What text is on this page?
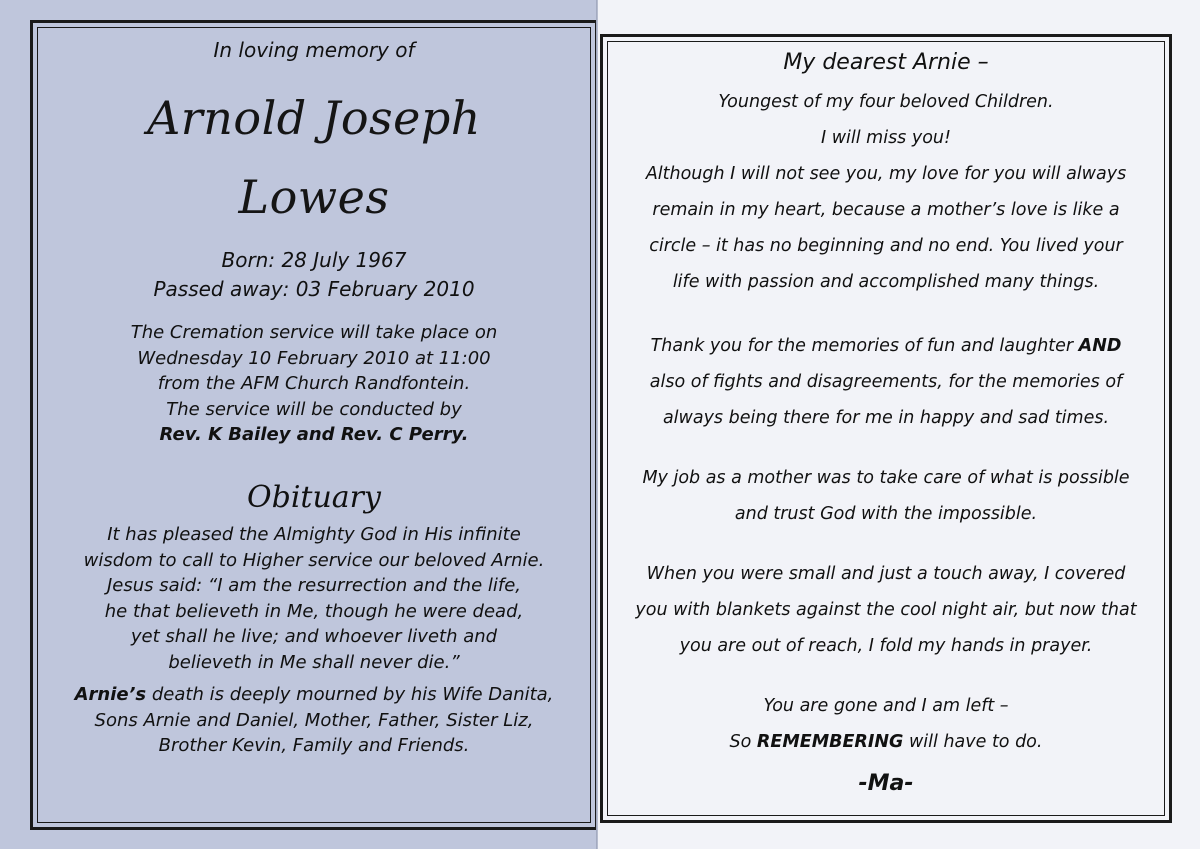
In loving memory of
Arnold Joseph
Lowes
Born: 28 July 1967
Passed away: 03 February 2010
The Cremation service will take place on
Wednesday 10 February 2010 at 11:00
from the AFM Church Randfontein.
The service will be conducted by
Rev. K Bailey and Rev. C Perry.
Obituary
It has pleased the Almighty God in His infinite
wisdom to call to Higher service our beloved Arnie.
Jesus said: “I am the resurrection and the life,
he that believeth in Me, though he were dead,
yet shall he live; and whoever liveth and
believeth in Me shall never die.”
Arnie’s death is deeply mourned by his Wife Danita,
Sons Arnie and Daniel, Mother, Father, Sister Liz,
Brother Kevin, Family and Friends.
My dearest Arnie –
Youngest of my four beloved Children.
I will miss you!
Although I will not see you, my love for you will always
remain in my heart, because a mother’s love is like a
circle – it has no beginning and no end. You lived your
life with passion and accomplished many things.
Thank you for the memories of fun and laughter AND
also of fights and disagreements, for the memories of
always being there for me in happy and sad times.
My job as a mother was to take care of what is possible
and trust God with the impossible.
When you were small and just a touch away, I covered
you with blankets against the cool night air, but now that
you are out of reach, I fold my hands in prayer.
You are gone and I am left –
So REMEMBERING will have to do.
-Ma-
